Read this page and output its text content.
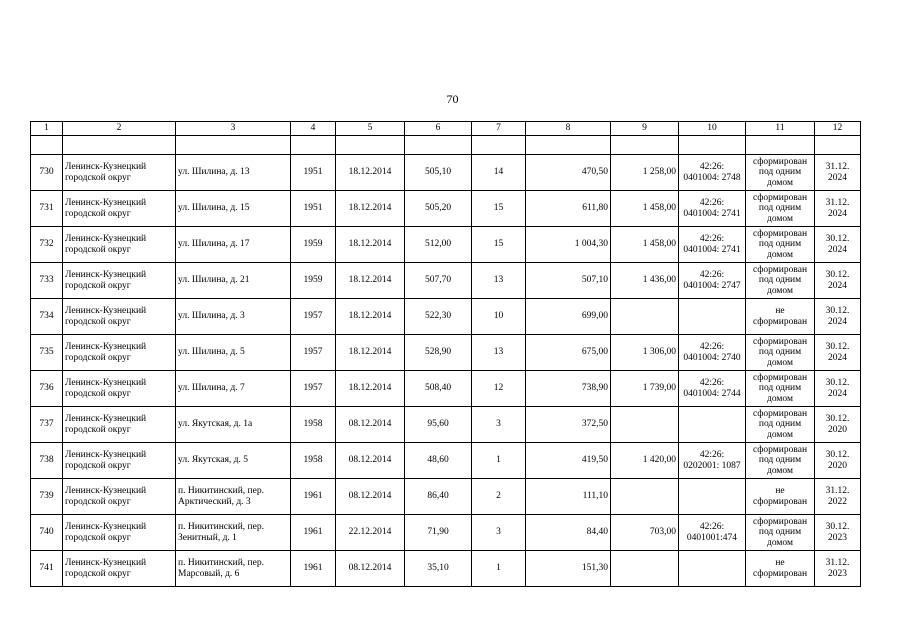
70
1	2	3	4	5	6	7	8	9	10	11	12

730	Ленинск-Кузнецкий городской округ	ул. Шилина, д. 13	1951	18.12.2014	505,10	14	470,50	1 258,00	42:26: 0401004: 2748	сформирован под одним домом	31.12. 2024
731	Ленинск-Кузнецкий городской округ	ул. Шилина, д. 15	1951	18.12.2014	505,20	15	611,80	1 458,00	42:26: 0401004: 2741	сформирован под одним домом	31.12. 2024
732	Ленинск-Кузнецкий городской округ	ул. Шилина, д. 17	1959	18.12.2014	512,00	15	1 004,30	1 458,00	42:26: 0401004: 2741	сформирован под одним домом	30.12. 2024
733	Ленинск-Кузнецкий городской округ	ул. Шилина, д. 21	1959	18.12.2014	507,70	13	507,10	1 436,00	42:26: 0401004: 2747	сформирован под одним домом	30.12. 2024
734	Ленинск-Кузнецкий городской округ	ул. Шилина, д. 3	1957	18.12.2014	522,30	10	699,00			не сформирован	30.12. 2024
735	Ленинск-Кузнецкий городской округ	ул. Шилина, д. 5	1957	18.12.2014	528,90	13	675,00	1 306,00	42:26: 0401004: 2740	сформирован под одним домом	30.12. 2024
736	Ленинск-Кузнецкий городской округ	ул. Шилина, д. 7	1957	18.12.2014	508,40	12	738,90	1 739,00	42:26: 0401004: 2744	сформирован под одним домом	30.12. 2024
737	Ленинск-Кузнецкий городской округ	ул. Якутская, д. 1а	1958	08.12.2014	95,60	3	372,50			сформирован под одним домом	30.12. 2020
738	Ленинск-Кузнецкий городской округ	ул. Якутская, д. 5	1958	08.12.2014	48,60	1	419,50	1 420,00	42:26: 0202001: 1087	сформирован под одним домом	30.12. 2020
739	Ленинск-Кузнецкий городской округ	п. Никитинский, пер. Арктический, д. 3	1961	08.12.2014	86,40	2	111,10			не сформирован	31.12. 2022
740	Ленинск-Кузнецкий городской округ	п. Никитинский, пер. Зенитный, д. 1	1961	22.12.2014	71,90	3	84,40	703,00	42:26: 0401001:474	сформирован под одним домом	30.12. 2023
741	Ленинск-Кузнецкий городской округ	п. Никитинский, пер. Марсовый, д. 6	1961	08.12.2014	35,10	1	151,30			не сформирован	31.12. 2023
